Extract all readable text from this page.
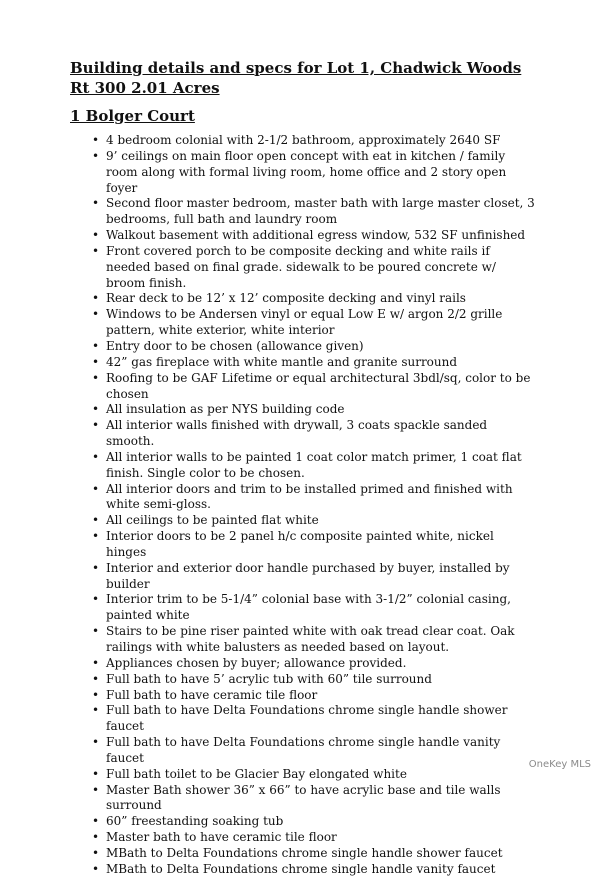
Building details and specs for Lot 1, Chadwick Woods Rt 300 2.01 Acres
1 Bolger Court
• 4 bedroom colonial with 2-1/2 bathroom, approximately 2640 SF
• 9’ ceilings on main floor open concept with eat in kitchen / family room along with formal living room, home office and 2 story open foyer
• Second floor master bedroom, master bath with large master closet, 3 bedrooms, full bath and laundry room
• Walkout basement with additional egress window, 532 SF unfinished
• Front covered porch to be composite decking and white rails if needed based on final grade. sidewalk to be poured concrete w/ broom finish.
• Rear deck to be 12’ x 12’ composite decking and vinyl rails
• Windows to be Andersen vinyl or equal Low E w/ argon 2/2 grille pattern, white exterior, white interior
• Entry door to be chosen (allowance given)
• 42” gas fireplace with white mantle and granite surround
• Roofing to be GAF Lifetime or equal architectural 3bdl/sq, color to be chosen
• All insulation as per NYS building code
• All interior walls finished with drywall, 3 coats spackle sanded smooth.
• All interior walls to be painted 1 coat color match primer, 1 coat flat finish. Single color to be chosen.
• All interior doors and trim to be installed primed and finished with white semi-gloss.
• All ceilings to be painted flat white
• Interior doors to be 2 panel h/c composite painted white, nickel hinges
• Interior and exterior door handle purchased by buyer, installed by builder
• Interior trim to be 5-1/4” colonial base with 3-1/2” colonial casing, painted white
• Stairs to be pine riser painted white with oak tread clear coat. Oak railings with white balusters as needed based on layout.
• Appliances chosen by buyer; allowance provided.
• Full bath to have 5’ acrylic tub with 60” tile surround
• Full bath to have ceramic tile floor
• Full bath to have Delta Foundations chrome single handle shower faucet
• Full bath to have Delta Foundations chrome single handle vanity faucet
• Full bath toilet to be Glacier Bay elongated white
• Master Bath shower 36” x 66” to have acrylic base and tile walls surround
• 60” freestanding soaking tub
• Master bath to have ceramic tile floor
• MBath to Delta Foundations chrome single handle shower faucet
• MBath to Delta Foundations chrome single handle vanity faucet
OneKey MLS
